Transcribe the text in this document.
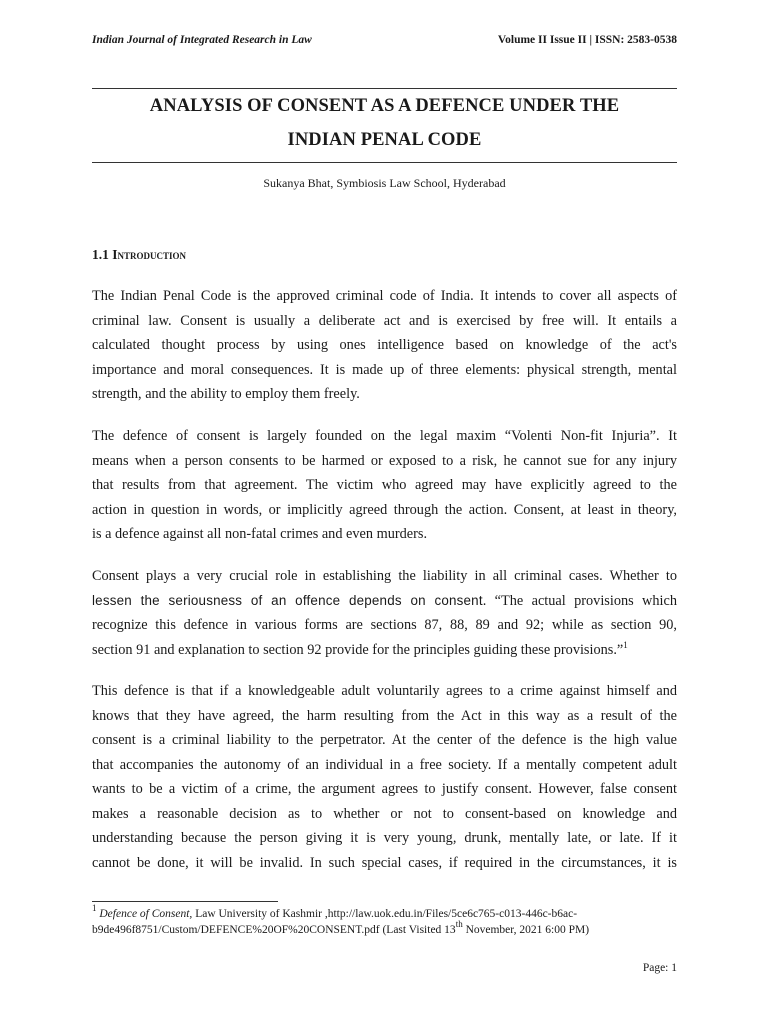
Indian Journal of Integrated Research in Law	Volume II Issue II | ISSN: 2583-0538
ANALYSIS OF CONSENT AS A DEFENCE UNDER THE
INDIAN PENAL CODE
Sukanya Bhat, Symbiosis Law School, Hyderabad
1.1 Introduction
The Indian Penal Code is the approved criminal code of India. It intends to cover all aspects of
criminal law. Consent is usually a deliberate act and is exercised by free will. It entails a
calculated thought process by using ones intelligence based on knowledge of the act's
importance and moral consequences. It is made up of three elements: physical strength, mental
strength, and the ability to employ them freely.
The defence of consent is largely founded on the legal maxim “Volenti Non-fit Injuria”. It
means when a person consents to be harmed or exposed to a risk, he cannot sue for any injury
that results from that agreement. The victim who agreed may have explicitly agreed to the
action in question in words, or implicitly agreed through the action. Consent, at least in theory,
is a defence against all non-fatal crimes and even murders.
Consent plays a very crucial role in establishing the liability in all criminal cases. Whether to
lessen the seriousness of an offence depends on consent. “The actual provisions which
recognize this defence in various forms are sections 87, 88, 89 and 92; while as section 90,
section 91 and explanation to section 92 provide for the principles guiding these provisions.”$^1$
This defence is that if a knowledgeable adult voluntarily agrees to a crime against himself and
knows that they have agreed, the harm resulting from the Act in this way as a result of the
consent is a criminal liability to the perpetrator. At the center of the defence is the high value
that accompanies the autonomy of an individual in a free society. If a mentally competent adult
wants to be a victim of a crime, the argument agrees to justify consent. However, false consent
makes a reasonable decision as to whether or not to consent-based on knowledge and
understanding because the person giving it is very young, drunk, mentally late, or late. If it
cannot be done, it will be invalid. In such special cases, if required in the circumstances, it is
$^1$ Defence of Consent, Law University of Kashmir ,http://law.uok.edu.in/Files/5ce6c765-c013-446c-b6ac-
b9de496f8751/Custom/DEFENCE%20OF%20CONSENT.pdf (Last Visited 13th November, 2021 6:00 PM)
Page: 1
